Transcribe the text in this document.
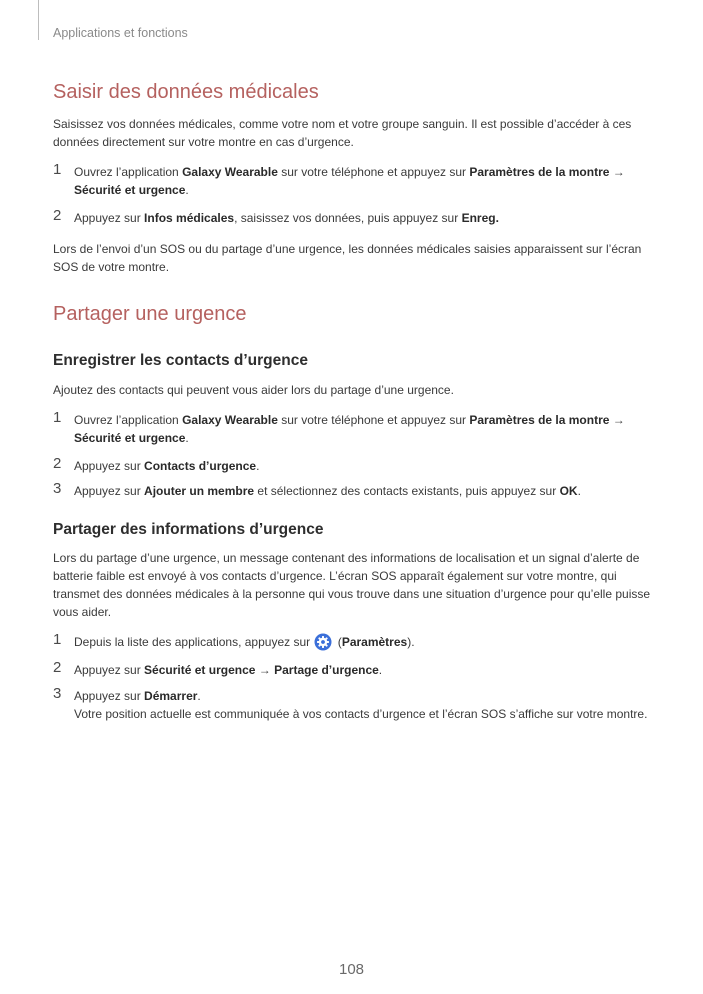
Applications et fonctions
Saisir des données médicales
Saisissez vos données médicales, comme votre nom et votre groupe sanguin. Il est possible d’accéder à ces données directement sur votre montre en cas d’urgence.
1 Ouvrez l’application Galaxy Wearable sur votre téléphone et appuyez sur Paramètres de la montre →
Sécurité et urgence.
2 Appuyez sur Infos médicales, saisissez vos données, puis appuyez sur Enreg.
Lors de l’envoi d’un SOS ou du partage d’une urgence, les données médicales saisies apparaissent sur l’écran SOS de votre montre.
Partager une urgence
Enregistrer les contacts d’urgence
Ajoutez des contacts qui peuvent vous aider lors du partage d’une urgence.
1 Ouvrez l’application Galaxy Wearable sur votre téléphone et appuyez sur Paramètres de la montre →
Sécurité et urgence.
2 Appuyez sur Contacts d’urgence.
3 Appuyez sur Ajouter un membre et sélectionnez des contacts existants, puis appuyez sur OK.
Partager des informations d’urgence
Lors du partage d’une urgence, un message contenant des informations de localisation et un signal d’alerte de batterie faible est envoyé à vos contacts d’urgence. L’écran SOS apparaît également sur votre montre, qui transmet des données médicales à la personne qui vous trouve dans une situation d’urgence pour qu’elle puisse vous aider.
1 Depuis la liste des applications, appuyez sur  (Paramètres).
2 Appuyez sur Sécurité et urgence → Partage d’urgence.
3 Appuyez sur Démarrer.
Votre position actuelle est communiquée à vos contacts d’urgence et l’écran SOS s’affiche sur votre montre.
108
